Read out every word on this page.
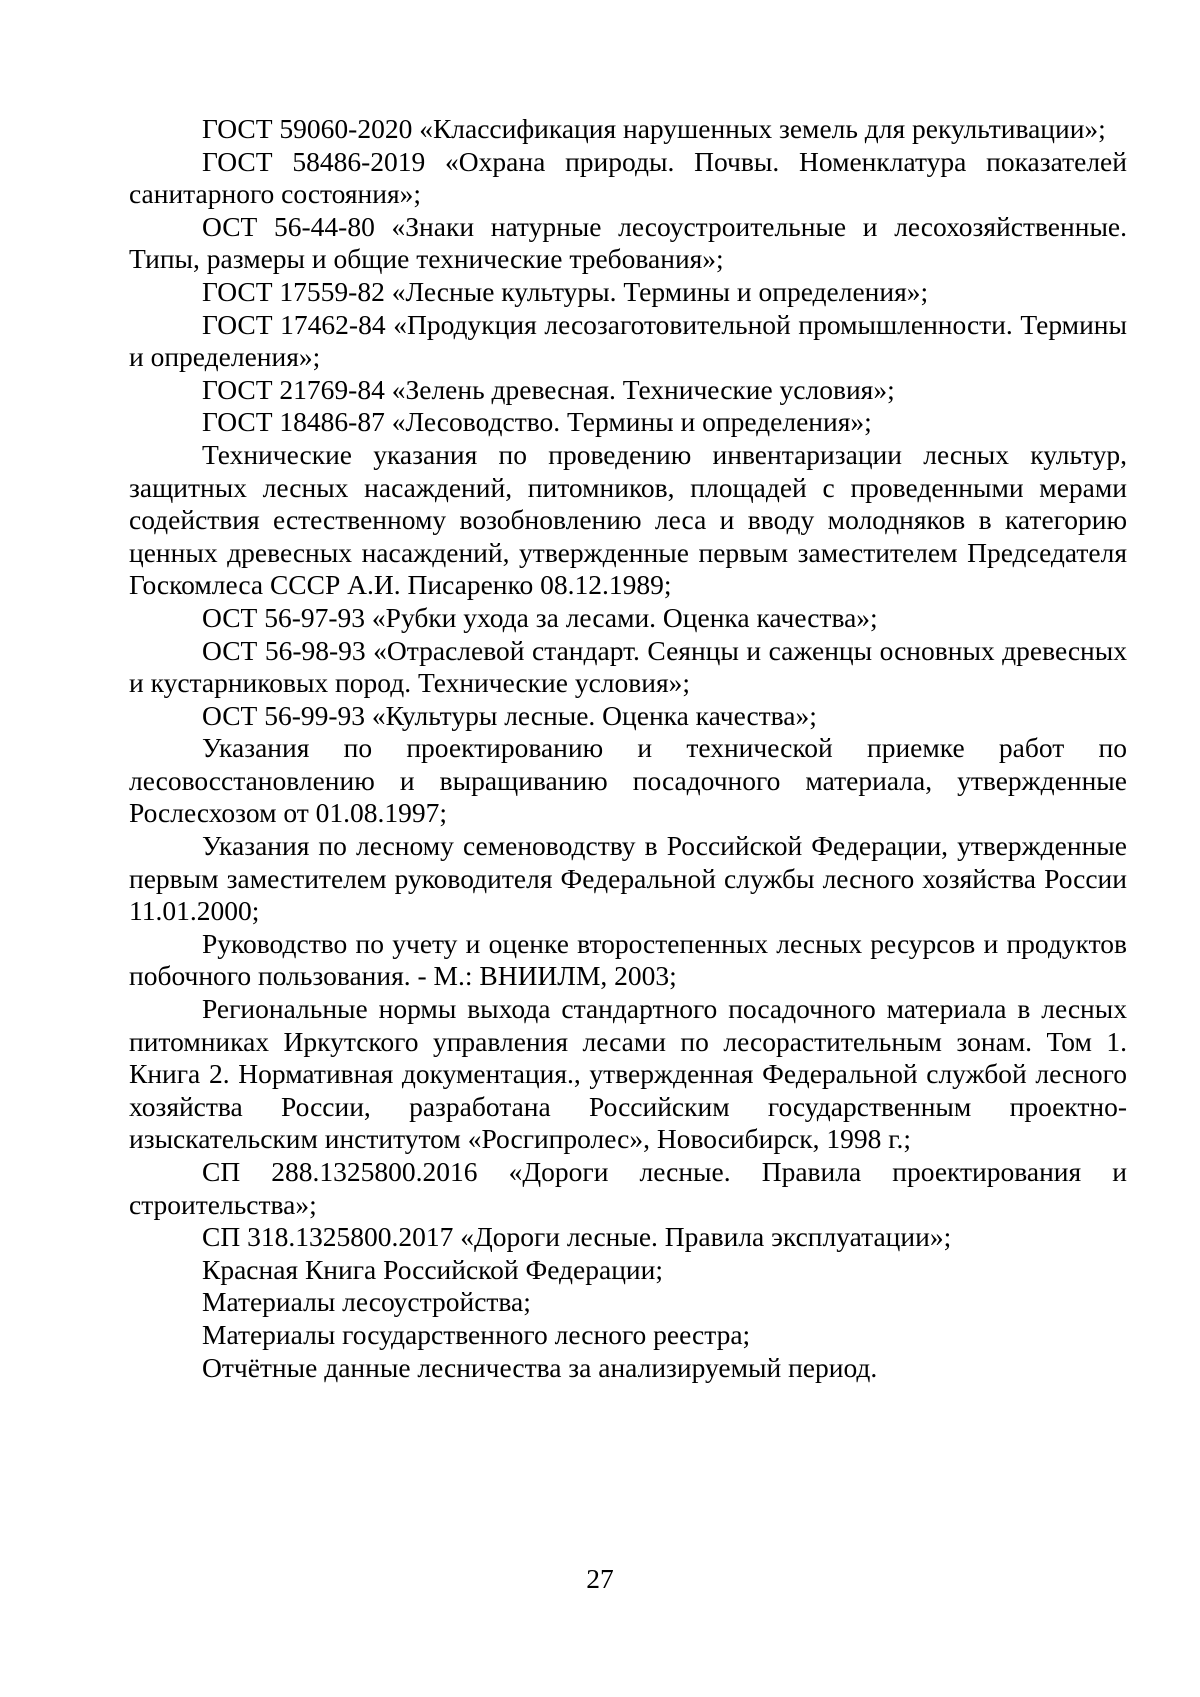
ГОСТ 59060-2020 «Классификация нарушенных земель для рекультивации»;

ГОСТ 58486-2019 «Охрана природы. Почвы. Номенклатура показателей санитарного состояния»;

ОСТ 56-44-80 «Знаки натурные лесоустроительные и лесохозяйственные. Типы, размеры и общие технические требования»;

ГОСТ 17559-82 «Лесные культуры. Термины и определения»;

ГОСТ 17462-84 «Продукция лесозаготовительной промышленности. Термины и определения»;

ГОСТ 21769-84 «Зелень древесная. Технические условия»;

ГОСТ 18486-87 «Лесоводство. Термины и определения»;

Технические указания по проведению инвентаризации лесных культур, защитных лесных насаждений, питомников, площадей с проведенными мерами содействия естественному возобновлению леса и вводу молодняков в категорию ценных древесных насаждений, утвержденные первым заместителем Председателя Госкомлеса СССР А.И. Писаренко 08.12.1989;

ОСТ 56-97-93 «Рубки ухода за лесами. Оценка качества»;

ОСТ 56-98-93 «Отраслевой стандарт. Сеянцы и саженцы основных древесных и кустарниковых пород. Технические условия»;

ОСТ 56-99-93 «Культуры лесные. Оценка качества»;

Указания по проектированию и технической приемке работ по лесовосстановлению и выращиванию посадочного материала, утвержденные Рослесхозом от 01.08.1997;

Указания по лесному семеноводству в Российской Федерации, утвержденные первым заместителем руководителя Федеральной службы лесного хозяйства России 11.01.2000;

Руководство по учету и оценке второстепенных лесных ресурсов и продуктов побочного пользования. - М.: ВНИИЛМ, 2003;

Региональные нормы выхода стандартного посадочного материала в лесных питомниках Иркутского управления лесами по лесорастительным зонам. Том 1. Книга 2. Нормативная документация., утвержденная Федеральной службой лесного хозяйства России, разработана Российским государственным проектно-изыскательским институтом «Росгипролес», Новосибирск, 1998 г.;

СП 288.1325800.2016 «Дороги лесные. Правила проектирования и строительства»;

СП 318.1325800.2017 «Дороги лесные. Правила эксплуатации»;

Красная Книга Российской Федерации;

Материалы лесоустройства;

Материалы государственного лесного реестра;

Отчётные данные лесничества за анализируемый период.

27
